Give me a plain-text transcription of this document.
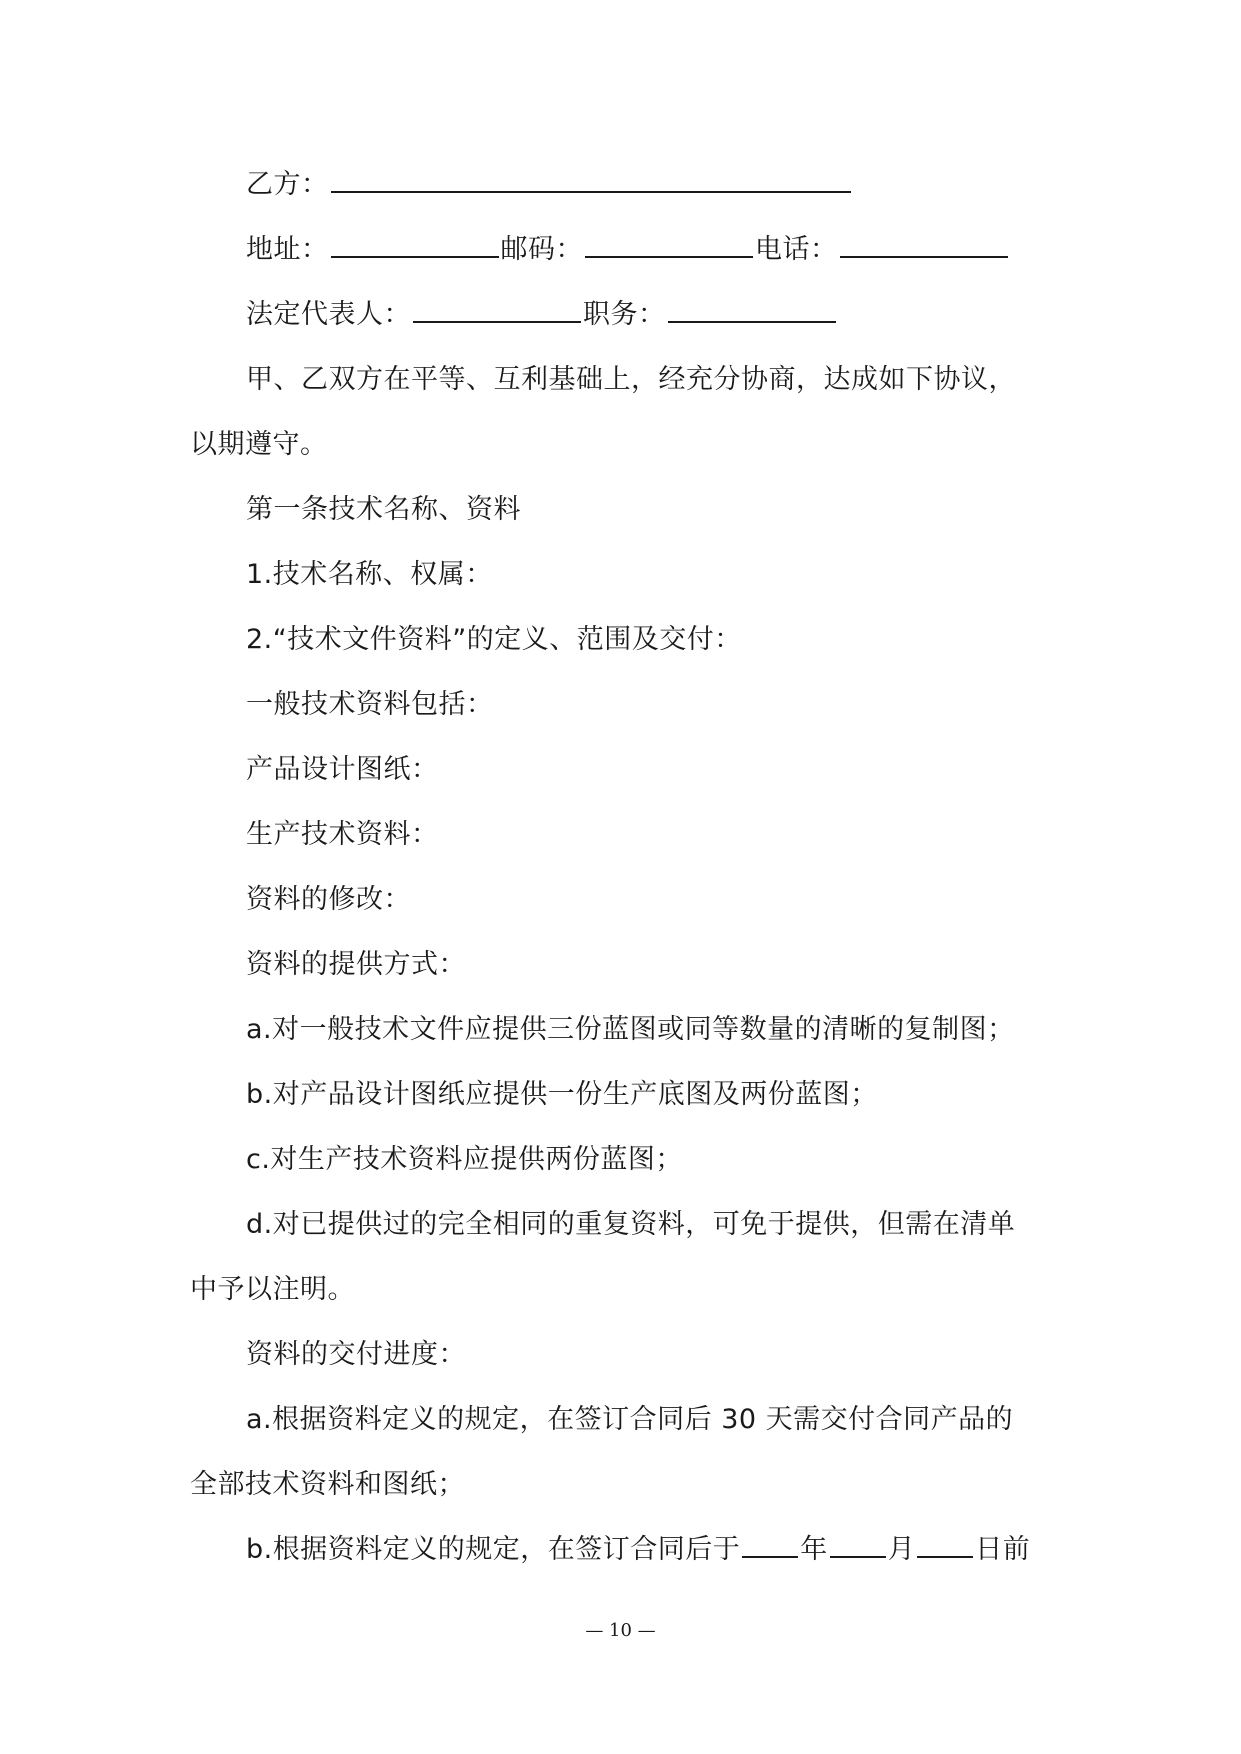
乙方：
地址：	邮码：	电话：
法定代表人：	职务：
甲、乙双方在平等、互利基础上，经充分协商，达成如下协议，
以期遵守。
第一条技术名称、资料
1.技术名称、权属：
2.“技术文件资料”的定义、范围及交付：
一般技术资料包括：
产品设计图纸：
生产技术资料：
资料的修改：
资料的提供方式：
a.对一般技术文件应提供三份蓝图或同等数量的清晰的复制图；
b.对产品设计图纸应提供一份生产底图及两份蓝图；
c.对生产技术资料应提供两份蓝图；
d.对已提供过的完全相同的重复资料，可免于提供，但需在清单
中予以注明。
资料的交付进度：
a.根据资料定义的规定，在签订合同后 30 天需交付合同产品的
全部技术资料和图纸；
b.根据资料定义的规定，在签订合同后于 年 月 日前
— 10 —
